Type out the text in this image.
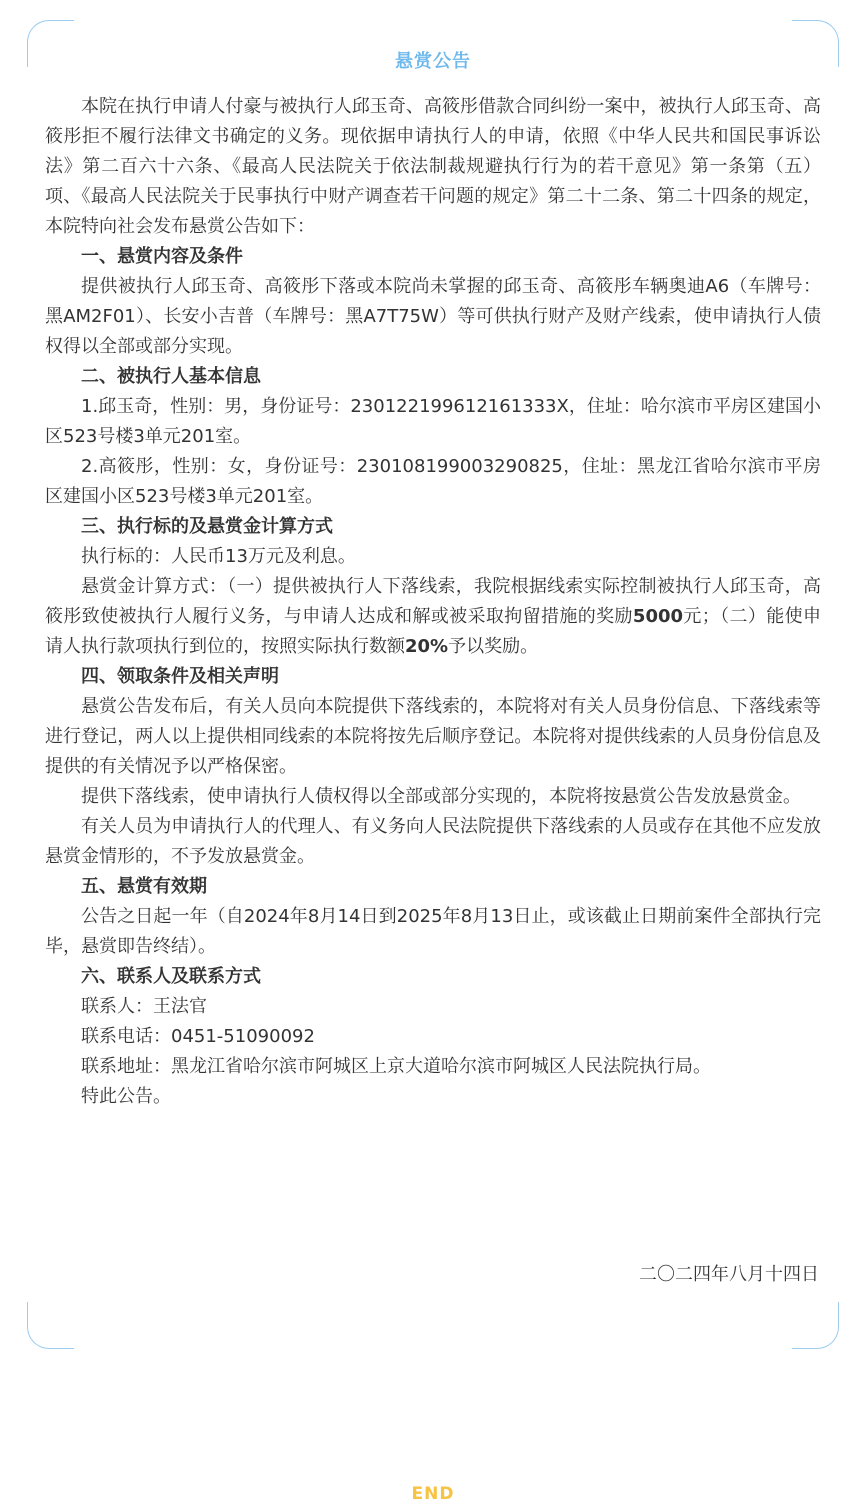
悬赏公告

本院在执行申请人付豪与被执行人邱玉奇、高筱彤借款合同纠纷一案中，被执行人邱玉奇、高筱彤拒不履行法律文书确定的义务。现依据申请执行人的申请，依照《中华人民共和国民事诉讼法》第二百六十六条、《最高人民法院关于依法制裁规避执行行为的若干意见》第一条第（五）项、《最高人民法院关于民事执行中财产调查若干问题的规定》第二十二条、第二十四条的规定，本院特向社会发布悬赏公告如下：

一、悬赏内容及条件

提供被执行人邱玉奇、高筱彤下落或本院尚未掌握的邱玉奇、高筱彤车辆奥迪A6（车牌号：黑AM2F01）、长安小吉普（车牌号：黑A7T75W）等可供执行财产及财产线索，使申请执行人债权得以全部或部分实现。

二、被执行人基本信息

1.邱玉奇，性别：男，身份证号：230122199612161333X，住址：哈尔滨市平房区建国小区523号楼3单元201室。

2.高筱彤，性别：女，身份证号：230108199003290825，住址：黑龙江省哈尔滨市平房区建国小区523号楼3单元201室。

三、执行标的及悬赏金计算方式

执行标的：人民币13万元及利息。

悬赏金计算方式：（一）提供被执行人下落线索，我院根据线索实际控制被执行人邱玉奇，高筱彤致使被执行人履行义务，与申请人达成和解或被采取拘留措施的奖励5000元；（二）能使申请人执行款项执行到位的，按照实际执行数额20%予以奖励。

四、领取条件及相关声明

悬赏公告发布后，有关人员向本院提供下落线索的，本院将对有关人员身份信息、下落线索等进行登记，两人以上提供相同线索的本院将按先后顺序登记。本院将对提供线索的人员身份信息及提供的有关情况予以严格保密。

提供下落线索，使申请执行人债权得以全部或部分实现的，本院将按悬赏公告发放悬赏金。

有关人员为申请执行人的代理人、有义务向人民法院提供下落线索的人员或存在其他不应发放悬赏金情形的，不予发放悬赏金。

五、悬赏有效期

公告之日起一年（自2024年8月14日到2025年8月13日止，或该截止日期前案件全部执行完毕，悬赏即告终结）。

六、联系人及联系方式

联系人：王法官

联系电话：0451-51090092

联系地址：黑龙江省哈尔滨市阿城区上京大道哈尔滨市阿城区人民法院执行局。

特此公告。

二〇二四年八月十四日
END
